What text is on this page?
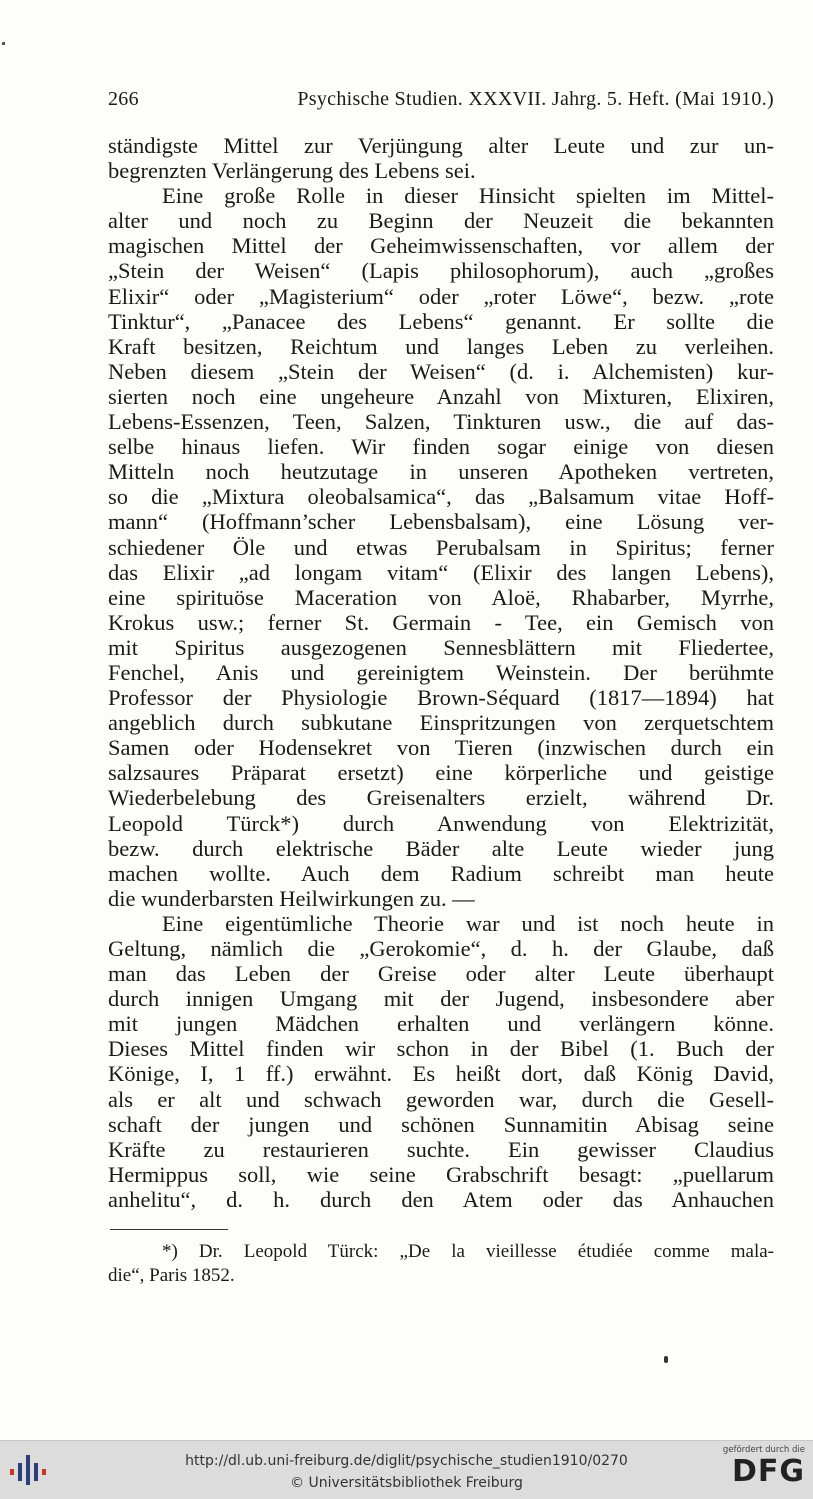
266	Psychische Studien. XXXVII. Jahrg. 5. Heft. (Mai 1910.)
ständigste Mittel zur Verjüngung alter Leute und zur un-
begrenzten Verlängerung des Lebens sei.
Eine große Rolle in dieser Hinsicht spielten im Mittel-
alter und noch zu Beginn der Neuzeit die bekannten
magischen Mittel der Geheimwissenschaften, vor allem der
„Stein der Weisen“ (Lapis philosophorum), auch „großes
Elixir“ oder „Magisterium“ oder „roter Löwe“, bezw. „rote
Tinktur“, „Panacee des Lebens“ genannt. Er sollte die
Kraft besitzen, Reichtum und langes Leben zu verleihen.
Neben diesem „Stein der Weisen“ (d. i. Alchemisten) kur-
sierten noch eine ungeheure Anzahl von Mixturen, Elixiren,
Lebens-Essenzen, Teen, Salzen, Tinkturen usw., die auf das-
selbe hinaus liefen. Wir finden sogar einige von diesen
Mitteln noch heutzutage in unseren Apotheken vertreten,
so die „Mixtura oleobalsamica“, das „Balsamum vitae Hoff-
mann“ (Hoffmann’scher Lebensbalsam), eine Lösung ver-
schiedener Öle und etwas Perubalsam in Spiritus; ferner
das Elixir „ad longam vitam“ (Elixir des langen Lebens),
eine spirituöse Maceration von Aloë, Rhabarber, Myrrhe,
Krokus usw.; ferner St. Germain - Tee, ein Gemisch von
mit Spiritus ausgezogenen Sennesblättern mit Fliedertee,
Fenchel, Anis und gereinigtem Weinstein. Der berühmte
Professor der Physiologie Brown-Séquard (1817—1894) hat
angeblich durch subkutane Einspritzungen von zerquetschtem
Samen oder Hodensekret von Tieren (inzwischen durch ein
salzsaures Präparat ersetzt) eine körperliche und geistige
Wiederbelebung des Greisenalters erzielt, während Dr.
Leopold Türck*) durch Anwendung von Elektrizität,
bezw. durch elektrische Bäder alte Leute wieder jung
machen wollte. Auch dem Radium schreibt man heute
die wunderbarsten Heilwirkungen zu. —
Eine eigentümliche Theorie war und ist noch heute in
Geltung, nämlich die „Gerokomie“, d. h. der Glaube, daß
man das Leben der Greise oder alter Leute überhaupt
durch innigen Umgang mit der Jugend, insbesondere aber
mit jungen Mädchen erhalten und verlängern könne.
Dieses Mittel finden wir schon in der Bibel (1. Buch der
Könige, I, 1 ff.) erwähnt. Es heißt dort, daß König David,
als er alt und schwach geworden war, durch die Gesell-
schaft der jungen und schönen Sunnamitin Abisag seine
Kräfte zu restaurieren suchte. Ein gewisser Claudius
Hermippus soll, wie seine Grabschrift besagt: „puellarum
anhelitu“, d. h. durch den Atem oder das Anhauchen
*) Dr. Leopold Türck: „De la vieillesse étudiée comme mala-
die“, Paris 1852.
http://dl.ub.uni-freiburg.de/diglit/psychische_studien1910/0270
© Universitätsbibliothek Freiburg
gefördert durch die
DFG
